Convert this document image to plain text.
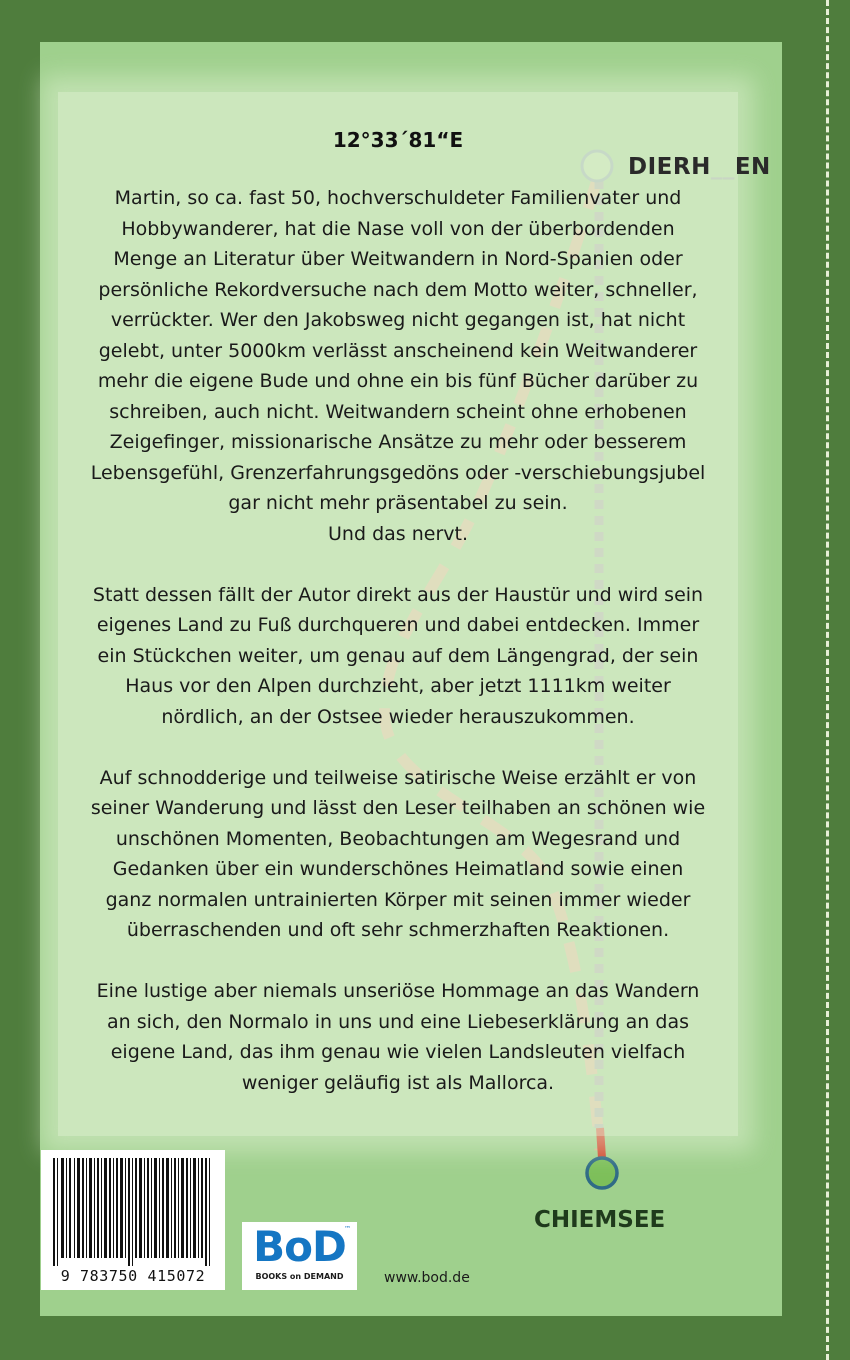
DIERH__EN
12°33´81“E

Martin, so ca. fast 50, hochverschuldeter Familienvater und
Hobbywanderer, hat die Nase voll von der überbordenden
Menge an Literatur über Weitwandern in Nord-Spanien oder
persönliche Rekordversuche nach dem Motto weiter, schneller,
verrückter. Wer den Jakobsweg nicht gegangen ist, hat nicht
gelebt, unter 5000km verlässt anscheinend kein Weitwanderer
mehr die eigene Bude und ohne ein bis fünf Bücher darüber zu
schreiben, auch nicht. Weitwandern scheint ohne erhobenen
Zeigefinger, missionarische Ansätze zu mehr oder besserem
Lebensgefühl, Grenzerfahrungsgedöns oder -verschiebungsjubel
gar nicht mehr präsentabel zu sein.
Und das nervt.

Statt dessen fällt der Autor direkt aus der Haustür und wird sein
eigenes Land zu Fuß durchqueren und dabei entdecken. Immer
ein Stückchen weiter, um genau auf dem Längengrad, der sein
Haus vor den Alpen durchzieht, aber jetzt 1111km weiter
nördlich, an der Ostsee wieder herauszukommen.

Auf schnodderige und teilweise satirische Weise erzählt er von
seiner Wanderung und lässt den Leser teilhaben an schönen wie
unschönen Momenten, Beobachtungen am Wegesrand und
Gedanken über ein wunderschönes Heimatland sowie einen
ganz normalen untrainierten Körper mit seinen immer wieder
überraschenden und oft sehr schmerzhaften Reaktionen.

Eine lustige aber niemals unseriöse Hommage an das Wandern
an sich, den Normalo in uns und eine Liebeserklärung an das
eigene Land, das ihm genau wie vielen Landsleuten vielfach
weniger geläufig ist als Mallorca.

CHIEMSEE
9 783750 415072
BoD
™
BOOKS on DEMAND	www.bod.de
